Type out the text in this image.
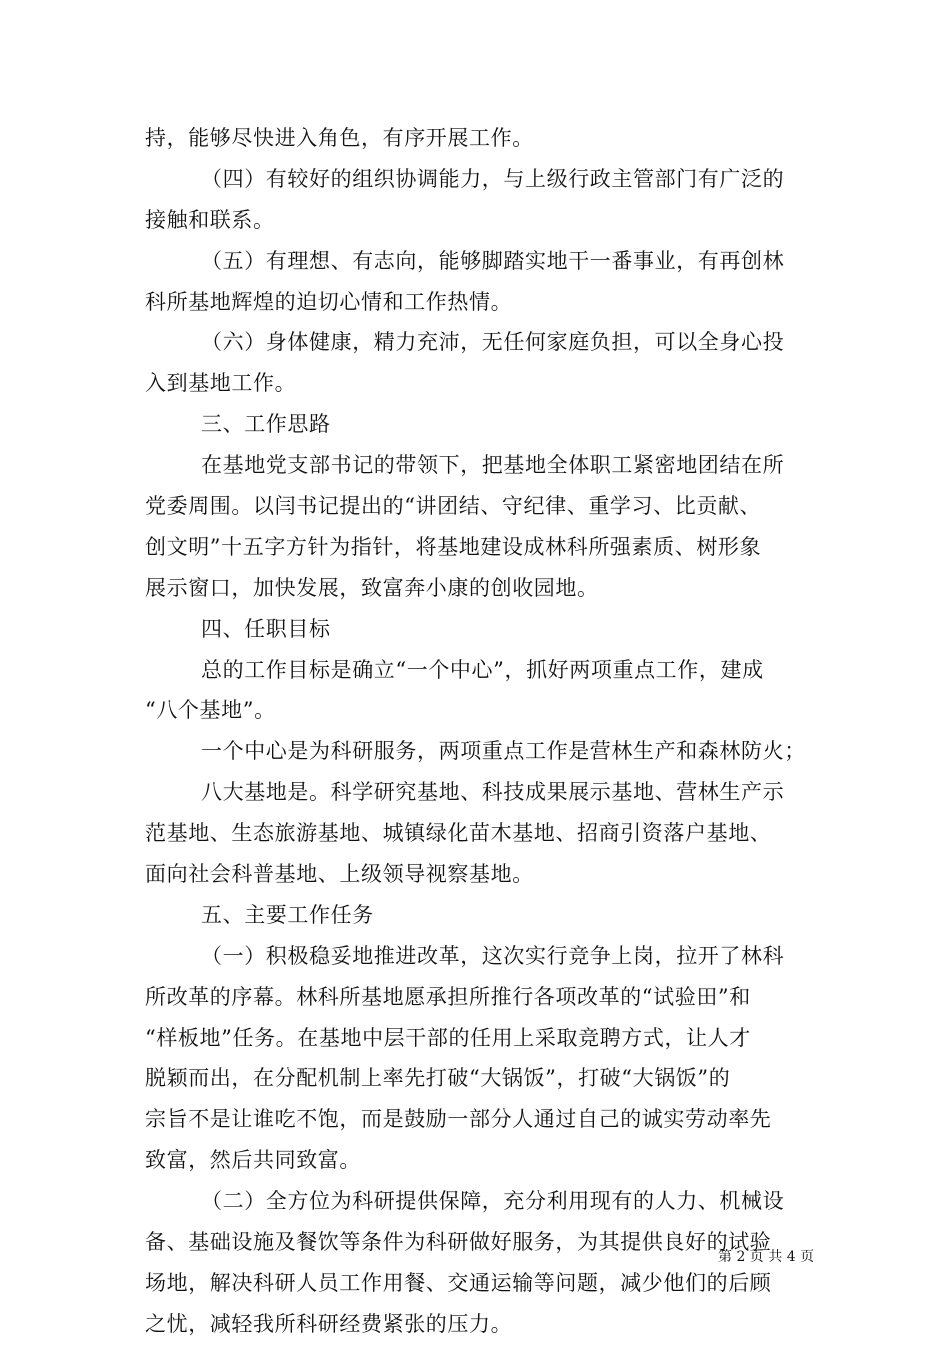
持，能够尽快进入角色，有序开展工作。
（四）有较好的组织协调能力，与上级行政主管部门有广泛的
接触和联系。
（五）有理想、有志向，能够脚踏实地干一番事业，有再创林
科所基地辉煌的迫切心情和工作热情。
（六）身体健康，精力充沛，无任何家庭负担，可以全身心投
入到基地工作。
三、工作思路
在基地党支部书记的带领下，把基地全体职工紧密地团结在所
党委周围。以闫书记提出的“讲团结、守纪律、重学习、比贡献、
创文明”十五字方针为指针，将基地建设成林科所强素质、树形象
展示窗口，加快发展，致富奔小康的创收园地。
四、任职目标
总的工作目标是确立“一个中心”，抓好两项重点工作，建成
“八个基地”。
一个中心是为科研服务，两项重点工作是营林生产和森林防火；
八大基地是。科学研究基地、科技成果展示基地、营林生产示
范基地、生态旅游基地、城镇绿化苗木基地、招商引资落户基地、
面向社会科普基地、上级领导视察基地。
五、主要工作任务
（一）积极稳妥地推进改革，这次实行竞争上岗，拉开了林科
所改革的序幕。林科所基地愿承担所推行各项改革的“试验田”和
“样板地”任务。在基地中层干部的任用上采取竞聘方式，让人才
脱颖而出，在分配机制上率先打破“大锅饭”，打破“大锅饭”的
宗旨不是让谁吃不饱，而是鼓励一部分人通过自己的诚实劳动率先
致富，然后共同致富。
（二）全方位为科研提供保障，充分利用现有的人力、机械设
备、基础设施及餐饮等条件为科研做好服务，为其提供良好的试验
场地，解决科研人员工作用餐、交通运输等问题，减少他们的后顾
之忧，减轻我所科研经费紧张的压力。
第 2 页 共 4 页
